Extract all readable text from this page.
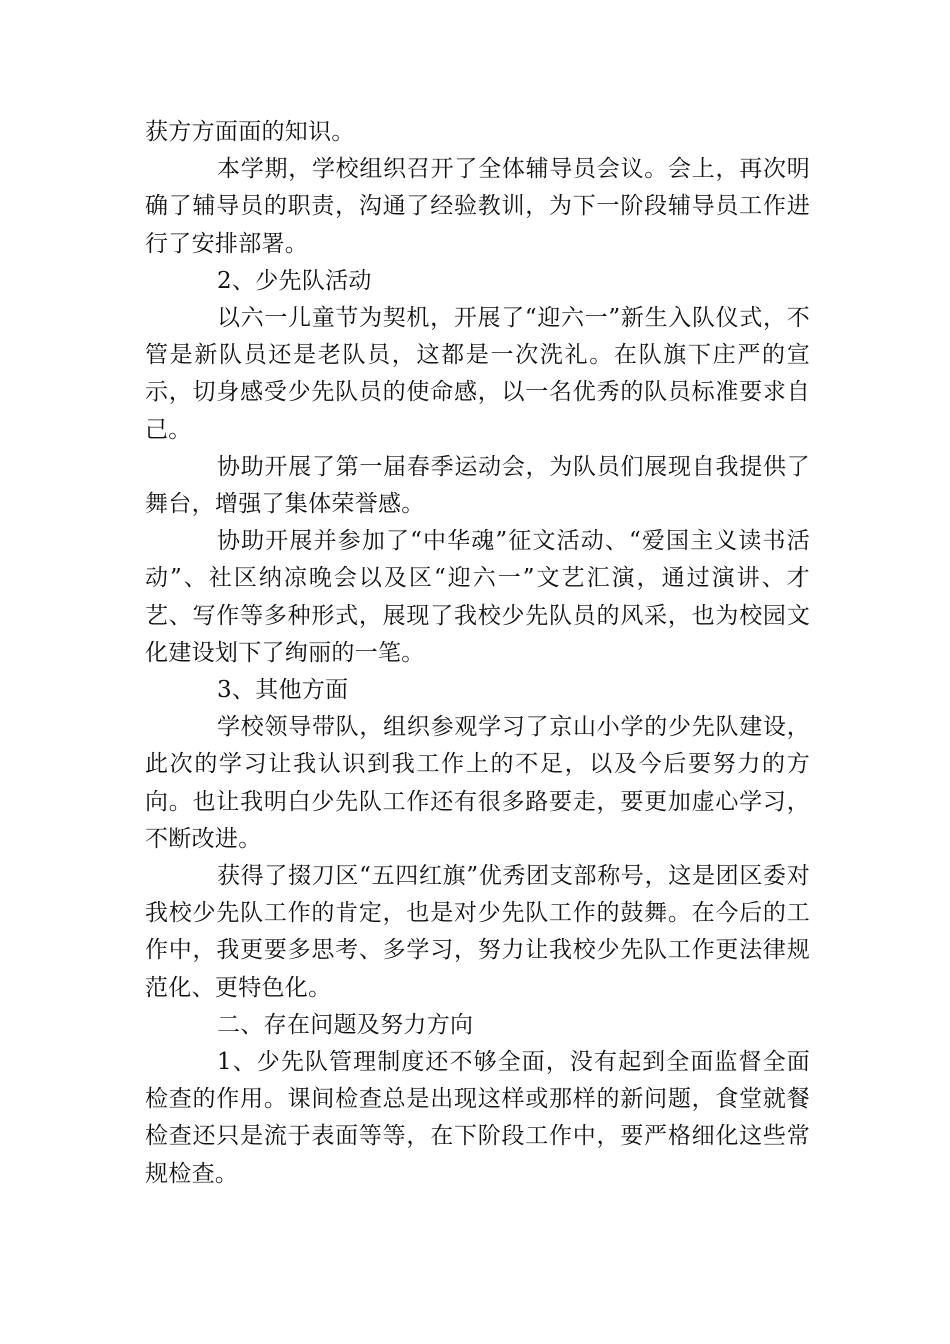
获方方面面的知识。

本学期，学校组织召开了全体辅导员会议。会上，再次明确了辅导员的职责，沟通了经验教训，为下一阶段辅导员工作进行了安排部署。

2、少先队活动

以六一儿童节为契机，开展了“迎六一”新生入队仪式，不管是新队员还是老队员，这都是一次洗礼。在队旗下庄严的宣示，切身感受少先队员的使命感，以一名优秀的队员标准要求自己。

协助开展了第一届春季运动会，为队员们展现自我提供了舞台，增强了集体荣誉感。

协助开展并参加了“中华魂”征文活动、“爱国主义读书活动”、社区纳凉晚会以及区“迎六一”文艺汇演，通过演讲、才艺、写作等多种形式，展现了我校少先队员的风采，也为校园文化建设划下了绚丽的一笔。

3、其他方面

学校领导带队，组织参观学习了京山小学的少先队建设，此次的学习让我认识到我工作上的不足，以及今后要努力的方向。也让我明白少先队工作还有很多路要走，要更加虚心学习，不断改进。

获得了掇刀区“五四红旗”优秀团支部称号，这是团区委对我校少先队工作的肯定，也是对少先队工作的鼓舞。在今后的工作中，我更要多思考、多学习，努力让我校少先队工作更法律规范化、更特色化。

二、存在问题及努力方向

1、少先队管理制度还不够全面，没有起到全面监督全面检查的作用。课间检查总是出现这样或那样的新问题，食堂就餐检查还只是流于表面等等，在下阶段工作中，要严格细化这些常规检查。
